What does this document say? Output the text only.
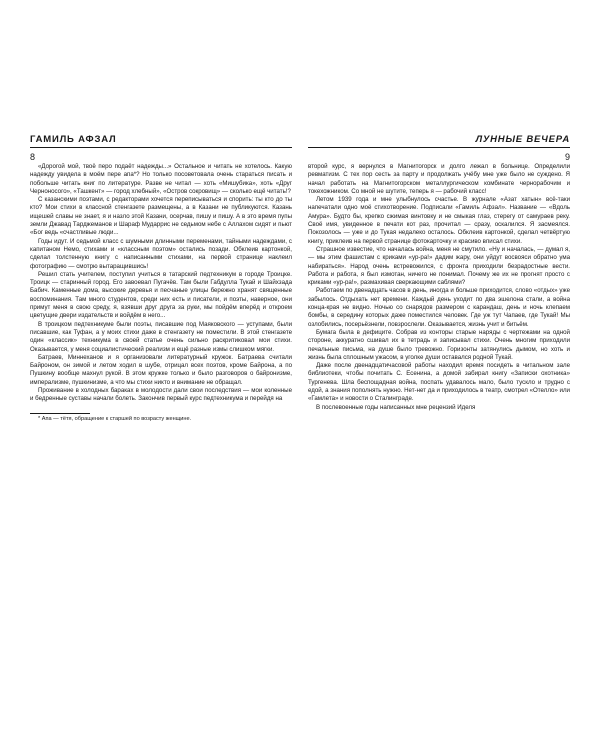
ГАМИЛЬ АФЗАЛ
8

«Дорогой мой, твоё перо подаёт надежды...» Остальное и читать не хотелось. Какую надежду увидела в моём пере апа*? Но только посоветовала очень стараться писать и побольше читать книг по литературе. Разве не читал — хоть «Мишубика», хоть «Друг Черноносого», «Ташкент» — город хлебный», «Остров сокровищ» — сколько ещё читать!?

С казанскими поэтами, с редакторами хочется переписываться и спорить: ты кто до ты кто? Мои стихи в классной стенгазете размещены, а в Казани не публикуются. Казань ищешей славы не знает, я и назло этой Казани, осерчав, пишу и пишу. А в это время пупы земли Джавад Тарджеманов и Шараф Мударрис не седьмом небе с Аллахом сидят и пьют «Бог ведь «счастливые люди...

Годы идут. И седьмой класс с шумными длинными переменами, тайными надеждами, с капитаном Немо, стихами и «классным поэтом» остались позади. Обклеив картонкой, сделал толстенную книгу с написанными стихами, на первой странице наклеил фотографию — смотрю вытаращившись!

Решил стать учителем, поступил учиться в татарский педтехникум в городе Троицке. Троицк — старинный город. Его завоевал Пугачёв. Там были Габдулла Тукай и Шайхзада Бабич. Каменные дома, высокие деревья и песчаные улицы бережно хранят священные воспоминания. Там много студентов, среди них есть и писатели, и поэты, наверное, они примут меня в свою среду, я, взявши друг друга за руки, мы пойдём вперёд и откроем цветущие двери издательств и войдём в него...

В троицком педтехникуме были поэты, писавшие под Маяковского — уступами, были писавшие, как Туфан, а у моих стихи даже в стенгазету не поместили. В этой стенгазете один «классик» техникума в своей статье очень сильно раскритиковал мои стихи. Оказывается, у меня социалистический реализм и ещё разные измы слишком мягки.

Батраев, Миннеханов и я организовали литературный кружок. Батраева считали Байроном, он зимой и летом ходил в шубе, отрицал всех поэтов, кроме Байрона, а по Пушкину вообще махнул рукой. В этом кружке только и было разговоров о байронизме, имперализме, пушкинизме, а что мы стихи никто и внимание не обращал.

Проживание в холодных бараках в молодости дали свои последствия — мои коленные и бедренные суставы начали болеть. Закончив первый курс педтехникума и перейдя на

* Апа — тётя, обращение к старшей по возрасту женщине.
ЛУННЫЕ ВЕЧЕРА
9

второй курс, я вернулся в Магнитогорск и долго лежал в больнице. Определили ревматизм. С тех пор сесть за парту и продолжать учёбу мне уже было не суждено. Я начал работать на Магнитогорском металлургическом комбинате чернорабочим и токехожником. Со мной не шутите, теперь я — рабочий класс!

Летом 1939 года и мне улыбнулось счастье. В журнале «Азат хатын» всё-таки напечатали одно моё стихотворение. Подписали «Гамиль Афзал». Название — «Вдоль Амура». Будто бы, крепко сжимая винтовку и не смыкая глаз, стерегу от самураев реку. Своё имя, увиденное в печати кот раз, прочитал — сразу, оскалился. Я засмеялся. Покозолось — уже и до Тукая недалеко осталось. Обклеив картонкой, сделал четвёртую книгу, приклеив на первой странице фотокарточку и красиво вписал стихи.

Страшное известие, что началась война, меня не смутило. «Ну и началась, — думал я, — мы этим фашистам с криками «ур-ра!» дадим жару, они уйдут восвояси обратно ума набираться». Народ очень встревожился, с фронта приходили безрадостные вести. Работа и работа, я был измотан, ничего не понимал. Почему же их не прогнят просто с криками «ур-ра!», размахивая сверкающими саблями?

Работаем по двенадцать часов в день, иногда и больше приходится, слово «отдых» уже забылось. Отдыхать нет времени. Каждый день уходит по два эшелона стали, а война конца-края не видно. Ночью со снарядов размером с карандаш, день и ночь клепаем бомбы, в середину которых даже поместился человек. Где уж тут Чапаев, где Тукай! Мы озлобились, посерьёзнели, повзрослели. Оказывается, жизнь учит и битьём.

Бумага была в дефиците. Собрав из конторы старые наряды с чертежами на одной стороне, аккуратно сшивал их в тетрадь и записывал стихи. Очень многим приходили печальные письма, на душе было тревожно. Горизонты затянулись дымом, но хоть и жизнь была сплошным ужасом, в уголке души оставался родной Тукай.

Даже после двенадцатичасовой работы находил время посидеть в читальном зале библиотеки, чтобы почитать С. Есенина, а домой забирал книгу «Записки охотника» Тургенева. Шла беспощадная война, поспать удавалось мало, было тускло и трудно с едой, а знания пополнять нужно. Нет-нет да и приходилось в театр, смотрел «Отелло» или «Гамлета» и новости о Сталинграде.

В послевоенные годы написанных мне рецензий Иделя
